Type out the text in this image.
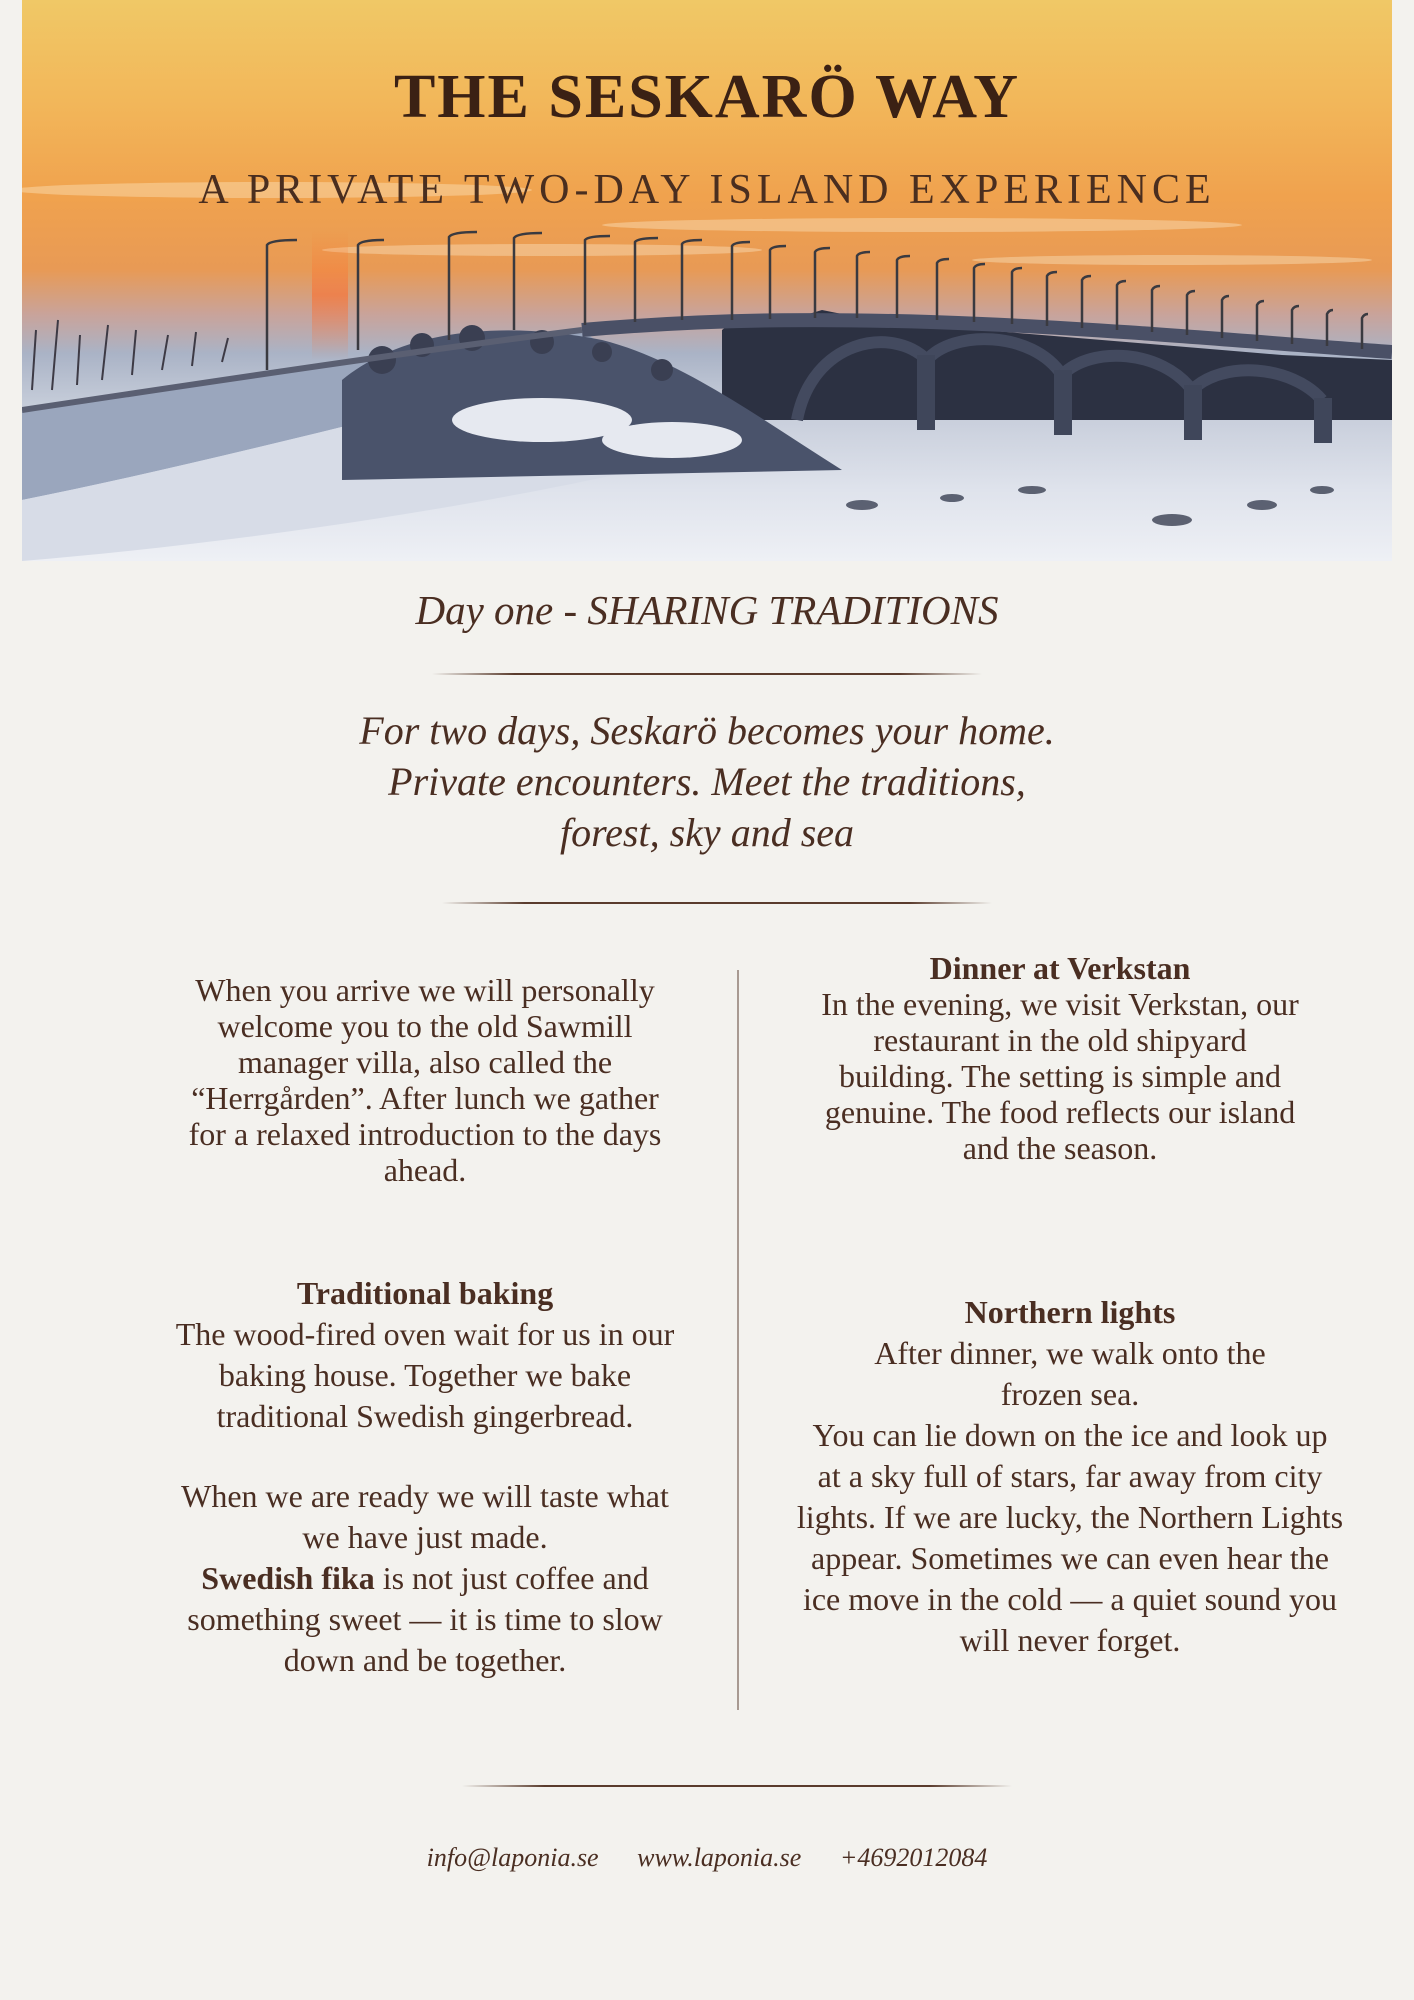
THE SESKARÖ WAY
A PRIVATE TWO-DAY ISLAND EXPERIENCE
Day one - SHARING TRADITIONS
For two days, Seskarö becomes your home.
Private encounters. Meet the traditions,
forest, sky and sea
When you arrive we will personally
welcome you to the old Sawmill
manager villa, also called the
“Herrgården”. After lunch we gather
for a relaxed introduction to the days
ahead.
Dinner at Verkstan
In the evening, we visit Verkstan, our
restaurant in the old shipyard
building. The setting is simple and
genuine. The food reflects our island
and the season.
Traditional baking
The wood-fired oven wait for us in our
baking house. Together we bake
traditional Swedish gingerbread.
When we are ready we will taste what
we have just made.
Swedish fika is not just coffee and
something sweet — it is time to slow
down and be together.
Northern lights
After dinner, we walk onto the
frozen sea.
You can lie down on the ice and look up
at a sky full of stars, far away from city
lights. If we are lucky, the Northern Lights
appear. Sometimes we can even hear the
ice move in the cold — a quiet sound you
will never forget.
info@laponia.se www.laponia.se +4692012084
